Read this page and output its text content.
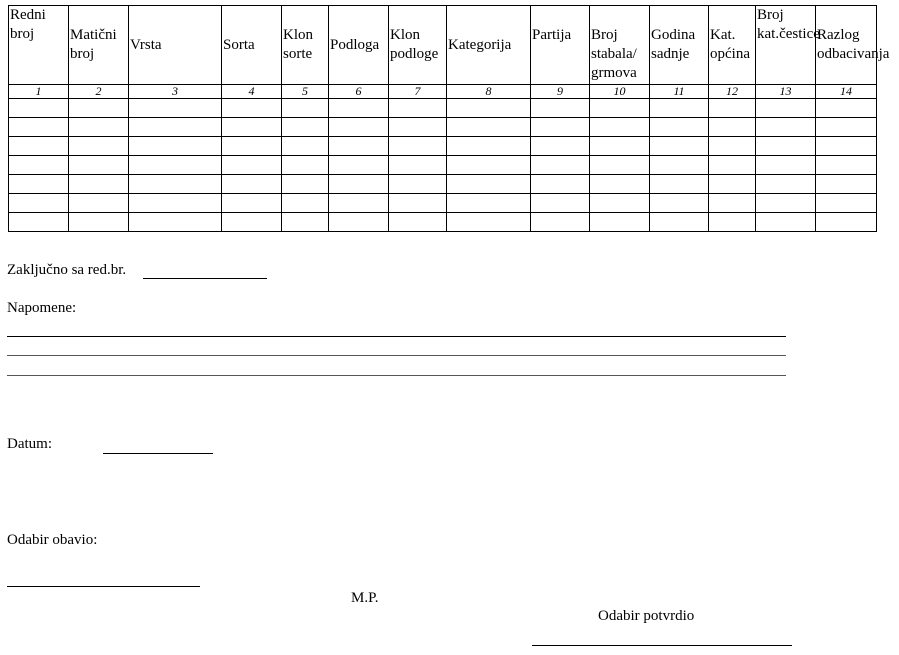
Redni broj	Matični broj	Vrsta	Sorta	Klon sorte	Podloga	Klon podloge	Kategorija	Partija	Broj stabala/ grmova	Godina sadnje	Kat. općina	Broj kat.čestice	Razlog odbacivanja
1	2	3	4	5	6	7	8	9	10	11	12	13	14

Zaključno sa red.br.
Napomene:
Datum:
Odabir obavio:
M.P.
Odabir potvrdio
